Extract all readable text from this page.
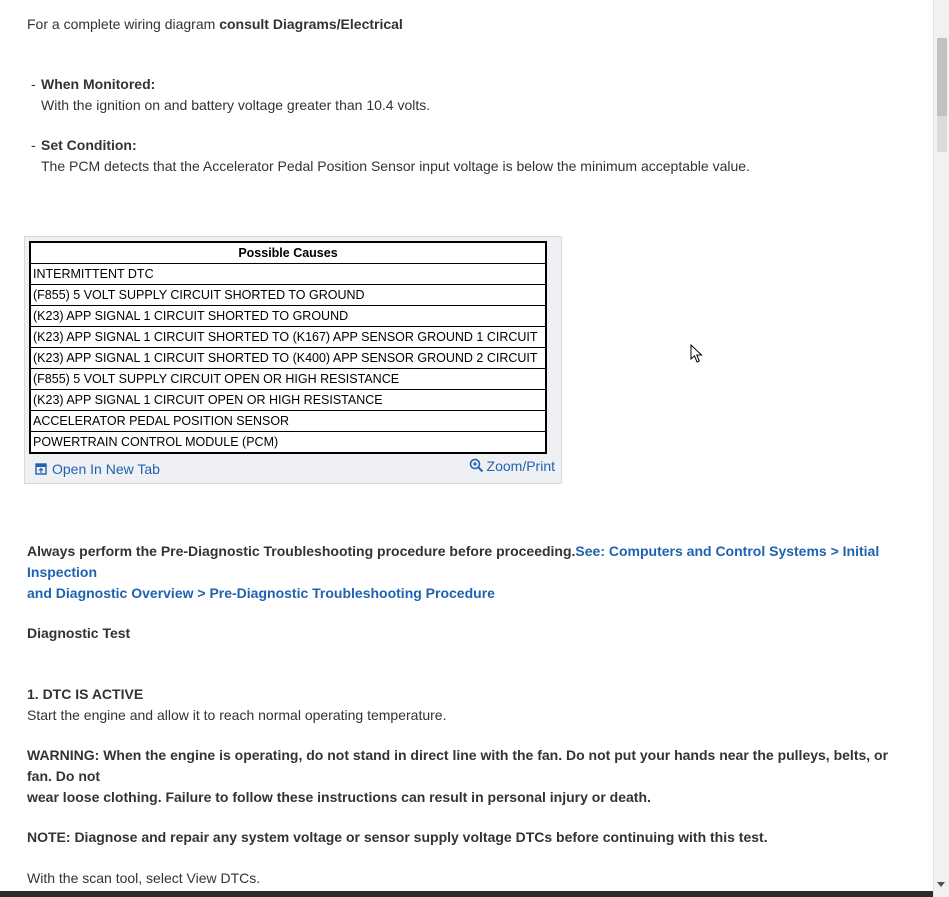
For a complete wiring diagram consult Diagrams/Electrical
- When Monitored:
With the ignition on and battery voltage greater than 10.4 volts.
- Set Condition:
The PCM detects that the Accelerator Pedal Position Sensor input voltage is below the minimum acceptable value.
Possible Causes
INTERMITTENT DTC
(F855) 5 VOLT SUPPLY CIRCUIT SHORTED TO GROUND
(K23) APP SIGNAL 1 CIRCUIT SHORTED TO GROUND
(K23) APP SIGNAL 1 CIRCUIT SHORTED TO (K167) APP SENSOR GROUND 1 CIRCUIT
(K23) APP SIGNAL 1 CIRCUIT SHORTED TO (K400) APP SENSOR GROUND 2 CIRCUIT
(F855) 5 VOLT SUPPLY CIRCUIT OPEN OR HIGH RESISTANCE
(K23) APP SIGNAL 1 CIRCUIT OPEN OR HIGH RESISTANCE
ACCELERATOR PEDAL POSITION SENSOR
POWERTRAIN CONTROL MODULE (PCM)
Open In New Tab	Zoom/Print
Always perform the Pre-Diagnostic Troubleshooting procedure before proceeding.See: Computers and Control Systems > Initial Inspection
and Diagnostic Overview > Pre-Diagnostic Troubleshooting Procedure
Diagnostic Test
1. DTC IS ACTIVE
Start the engine and allow it to reach normal operating temperature.
WARNING: When the engine is operating, do not stand in direct line with the fan. Do not put your hands near the pulleys, belts, or fan. Do not
wear loose clothing. Failure to follow these instructions can result in personal injury or death.
NOTE: Diagnose and repair any system voltage or sensor supply voltage DTCs before continuing with this test.
With the scan tool, select View DTCs.
